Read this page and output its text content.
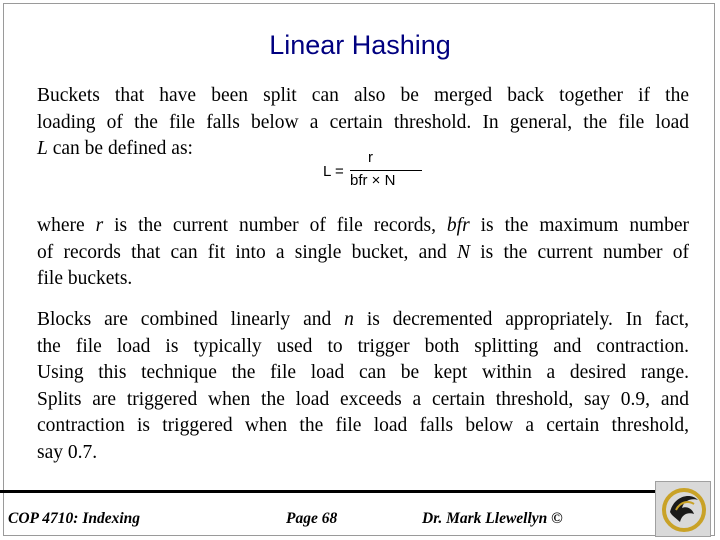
Linear Hashing

Buckets that have been split can also be merged back together if the
loading of the file falls below a certain threshold. In general, the file load
L can be defined as:

L =
r
bfr × N

where r is the current number of file records, bfr is the maximum number
of records that can fit into a single bucket, and N is the current number of
file buckets.

Blocks are combined linearly and n is decremented appropriately. In fact,
the file load is typically used to trigger both splitting and contraction.
Using this technique the file load can be kept within a desired range.
Splits are triggered when the load exceeds a certain threshold, say 0.9, and
contraction is triggered when the file load falls below a certain threshold,
say 0.7.

COP 4710: Indexing	Page 68	Dr. Mark Llewellyn ©
